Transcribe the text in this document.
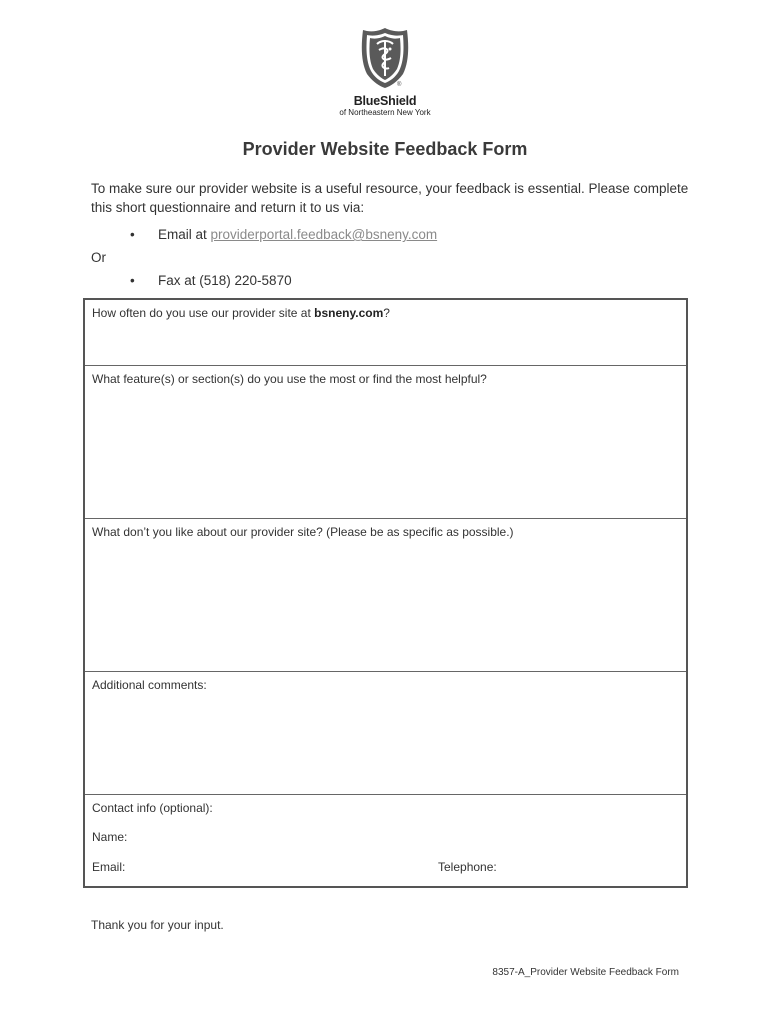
®
BlueShield
of Northeastern New York
Provider Website Feedback Form
To make sure our provider website is a useful resource, your feedback is essential. Please complete this short questionnaire and return it to us via:
• Email at providerportal.feedback@bsneny.com
Or
• Fax at (518) 220-5870
How often do you use our provider site at bsneny.com?
What feature(s) or section(s) do you use the most or find the most helpful?
What don’t you like about our provider site? (Please be as specific as possible.)
Additional comments:
Contact info (optional):
Name:
Email:	Telephone:
Thank you for your input.
8357-A_Provider Website Feedback Form
